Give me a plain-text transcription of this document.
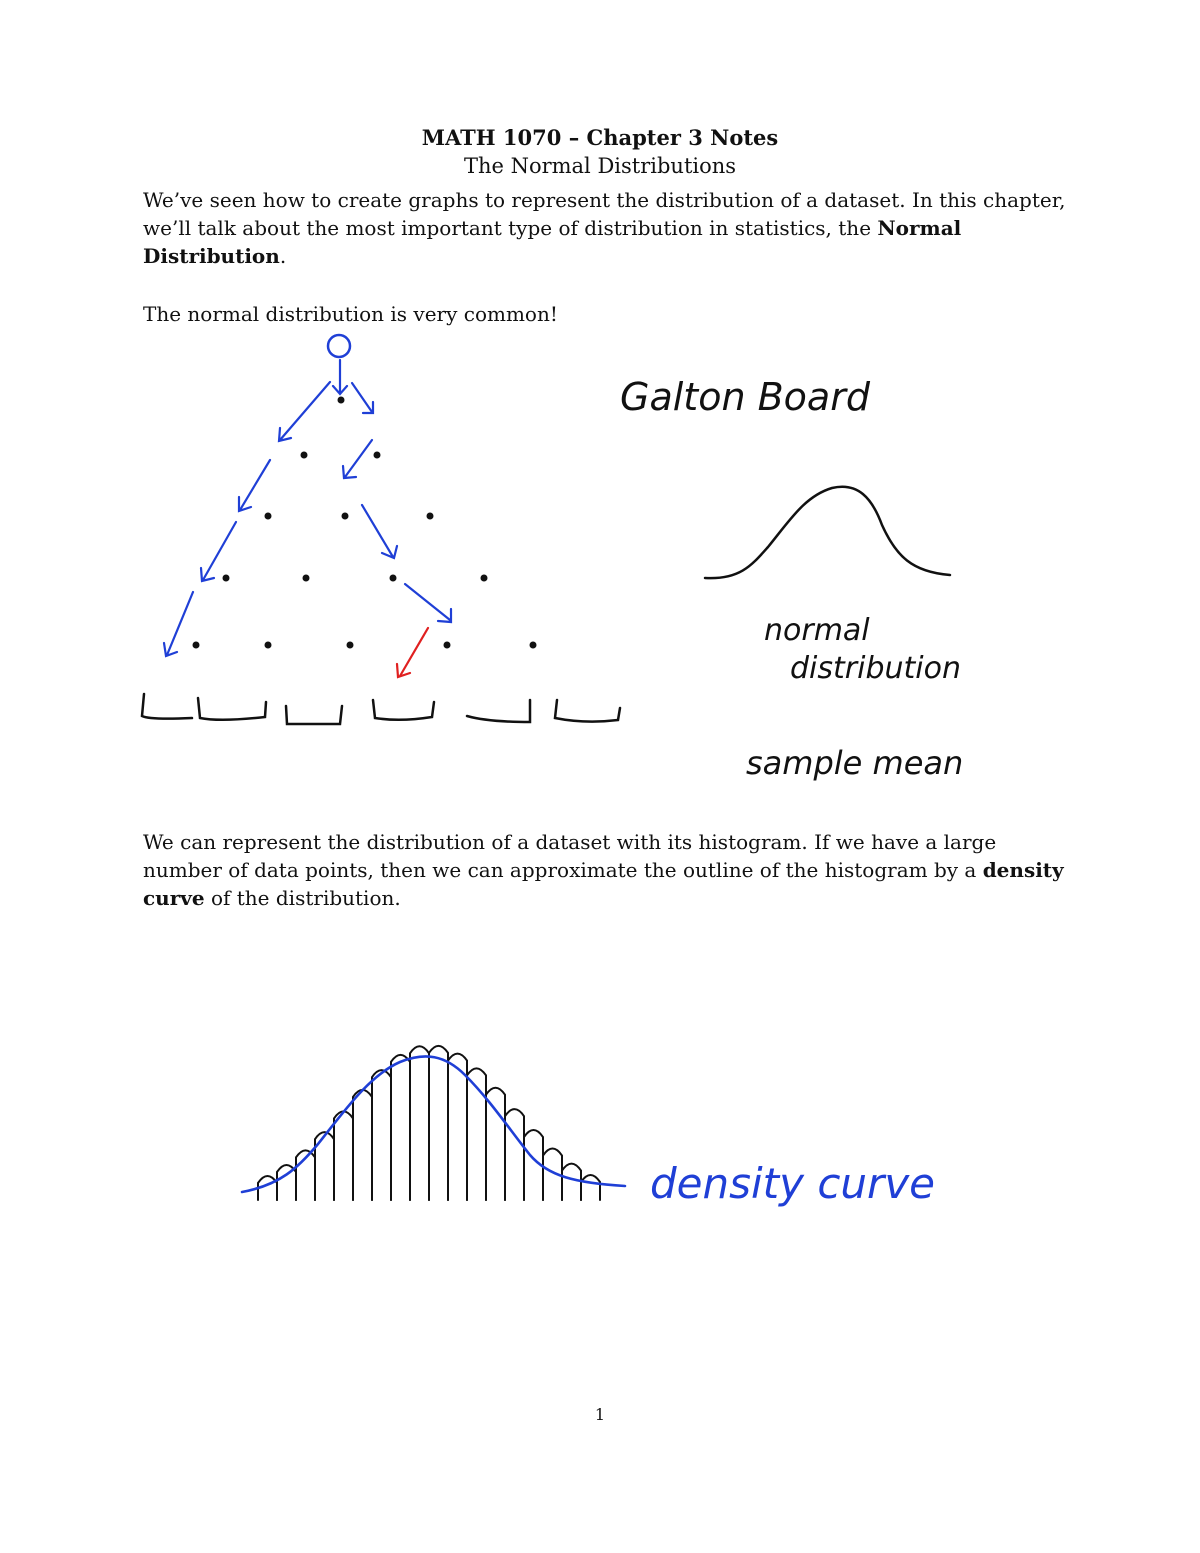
MATH 1070 – Chapter 3 Notes
The Normal Distributions

We’ve seen how to create graphs to represent the distribution of a dataset. In this chapter, we’ll talk about the most important type of distribution in statistics, the Normal Distribution.

The normal distribution is very common!

Galton Board
normal
distribution
sample mean

We can represent the distribution of a dataset with its histogram. If we have a large number of data points, then we can approximate the outline of the histogram by a density curve of the distribution.

density curve
1
